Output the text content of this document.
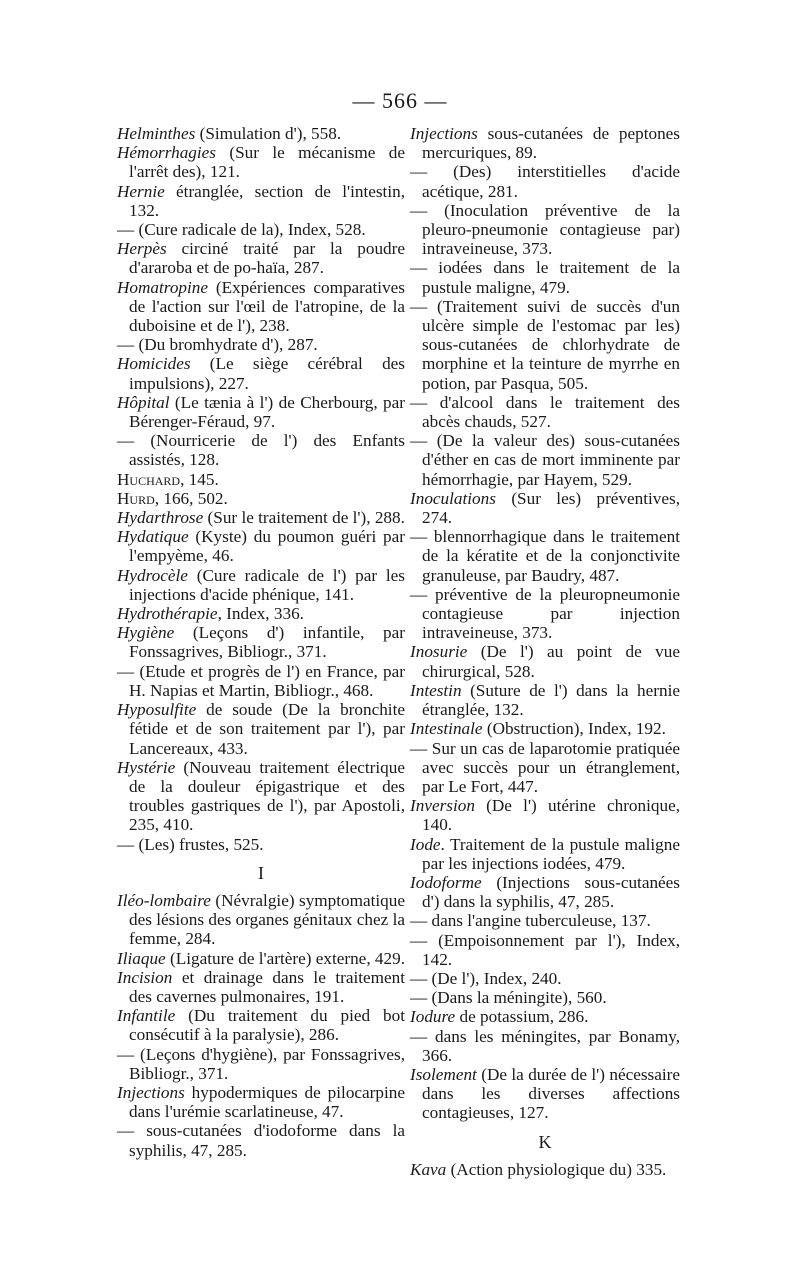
— 566 —

Helminthes (Simulation d'), 558.

Hémorrhagies (Sur le mécanisme de l'arrêt des), 121.

Hernie étranglée, section de l'intestin, 132.

— (Cure radicale de la), Index, 528.

Herpès circiné traité par la poudre d'araroba et de po-haïa, 287.

Homatropine (Expériences comparatives de l'action sur l'œil de l'atropine, de la duboisine et de l'), 238.

— (Du bromhydrate d'), 287.

Homicides (Le siège cérébral des impulsions), 227.

Hôpital (Le tænia à l') de Cherbourg, par Bérenger-Féraud, 97.

— (Nourricerie de l') des Enfants assistés, 128.

Huchard, 145.

Hurd, 166, 502.

Hydarthrose (Sur le traitement de l'), 288.

Hydatique (Kyste) du poumon guéri par l'empyème, 46.

Hydrocèle (Cure radicale de l') par les injections d'acide phénique, 141.

Hydrothérapie, Index, 336.

Hygiène (Leçons d') infantile, par Fonssagrives, Bibliogr., 371.

— (Etude et progrès de l') en France, par H. Napias et Martin, Bibliogr., 468.

Hyposulfite de soude (De la bronchite fétide et de son traitement par l'), par Lancereaux, 433.

Hystérie (Nouveau traitement électrique de la douleur épigastrique et des troubles gastriques de l'), par Apostoli, 235, 410.

— (Les) frustes, 525.

I

Iléo-lombaire (Névralgie) symptomatique des lésions des organes génitaux chez la femme, 284.

Iliaque (Ligature de l'artère) externe, 429.

Incision et drainage dans le traitement des cavernes pulmonaires, 191.

Infantile (Du traitement du pied bot consécutif à la paralysie), 286.

— (Leçons d'hygiène), par Fonssagrives, Bibliogr., 371.

Injections hypodermiques de pilocarpine dans l'urémie scarlatineuse, 47.

— sous-cutanées d'iodoforme dans la syphilis, 47, 285.

Injections sous-cutanées de peptones mercuriques, 89.

— (Des) interstitielles d'acide acétique, 281.

— (Inoculation préventive de la pleuro-pneumonie contagieuse par) intraveineuse, 373.

— iodées dans le traitement de la pustule maligne, 479.

— (Traitement suivi de succès d'un ulcère simple de l'estomac par les) sous-cutanées de chlorhydrate de morphine et la teinture de myrrhe en potion, par Pasqua, 505.

— d'alcool dans le traitement des abcès chauds, 527.

— (De la valeur des) sous-cutanées d'éther en cas de mort imminente par hémorrhagie, par Hayem, 529.

Inoculations (Sur les) préventives, 274.

— blennorrhagique dans le traitement de la kératite et de la conjonctivite granuleuse, par Baudry, 487.

— préventive de la pleuropneumonie contagieuse par injection intraveineuse, 373.

Inosurie (De l') au point de vue chirurgical, 528.

Intestin (Suture de l') dans la hernie étranglée, 132.

Intestinale (Obstruction), Index, 192.

— Sur un cas de laparotomie pratiquée avec succès pour un étranglement, par Le Fort, 447.

Inversion (De l') utérine chronique, 140.

Iode. Traitement de la pustule maligne par les injections iodées, 479.

Iodoforme (Injections sous-cutanées d') dans la syphilis, 47, 285.

— dans l'angine tuberculeuse, 137.

— (Empoisonnement par l'), Index, 142.

— (De l'), Index, 240.

— (Dans la méningite), 560.

Iodure de potassium, 286.

— dans les méningites, par Bonamy, 366.

Isolement (De la durée de l') nécessaire dans les diverses affections contagieuses, 127.

K

Kava (Action physiologique du) 335.
